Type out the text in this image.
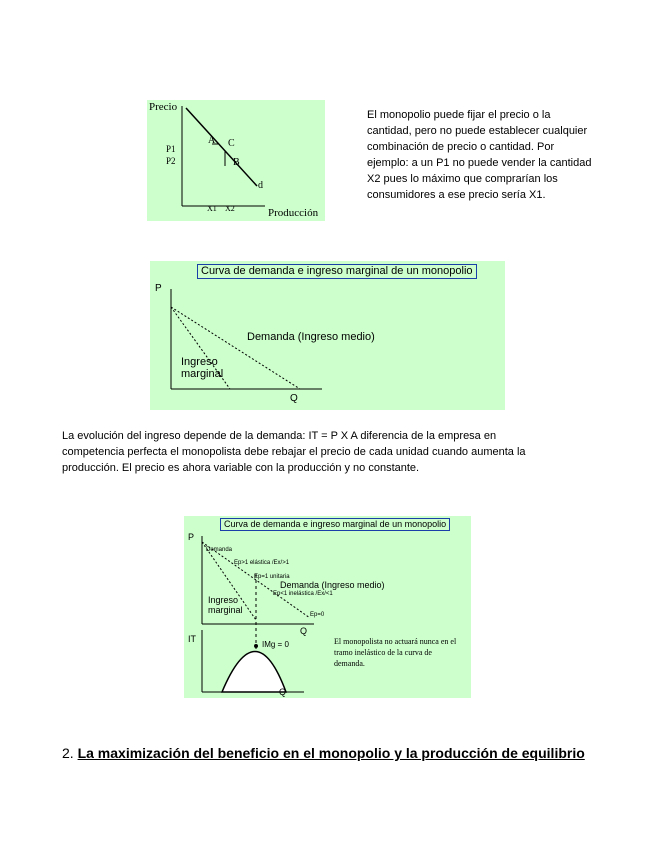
Precio
Producción
P1
P2
X1 X2
A C
B
d
El monopolio puede fijar el precio o la cantidad, pero no puede establecer cualquier combinación de precio o cantidad. Por ejemplo: a un P1 no puede vender la cantidad X2 pues lo máximo que comprarían los consumidores a ese precio sería X1.
Curva de demanda e ingreso marginal de un monopolio
P
Q
Demanda (Ingreso medio)
Ingreso
marginal
La evolución del ingreso depende de la demanda: IT = P X A diferencia de la empresa en competencia perfecta el monopolista debe rebajar el precio de cada unidad cuando aumenta la producción. El precio es ahora variable con la producción y no constante.
Curva de demanda e ingreso marginal de un monopolio
P
Q
IT
Q
Demanda
Ep>1 elástica /Ex/>1
Ep=1 unitaria
Demanda (Ingreso medio)
Ep<1 inelástica /Ex/<1
Ep=0
Ingreso
marginal
IMg = 0	El monopolista no actuará nunca en el tramo inelástico de la curva de demanda.
2. La maximización del beneficio en el monopolio y la producción de equilibrio
